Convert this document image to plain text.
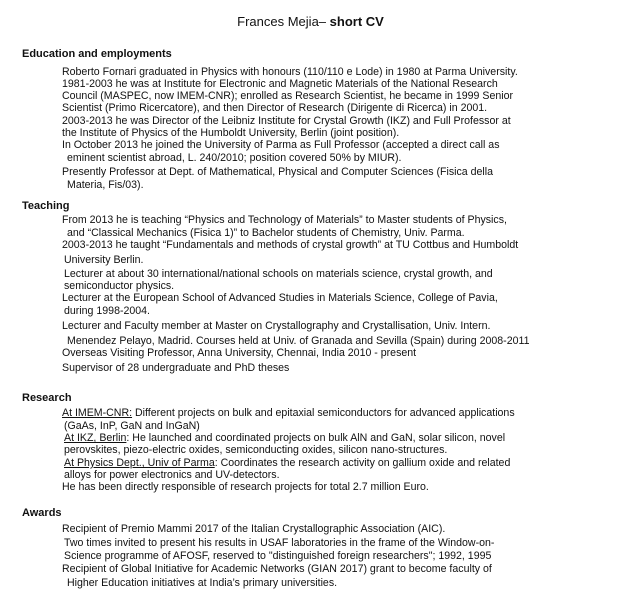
Frances Mejia– short CV
Education and employments
Roberto Fornari graduated in Physics with honours (110/110 e Lode) in 1980 at Parma University.
1981-2003 he was at Institute for Electronic and Magnetic Materials of the National Research
Council (MASPEC, now IMEM-CNR); enrolled as Research Scientist, he became in 1999 Senior
Scientist (Primo Ricercatore), and then Director of Research (Dirigente di Ricerca) in 2001.
2003-2013 he was Director of the Leibniz Institute for Crystal Growth (IKZ) and Full Professor at
the Institute of Physics of the Humboldt University, Berlin (joint position).
In October 2013 he joined the University of Parma as Full Professor (accepted a direct call as
eminent scientist abroad, L. 240/2010; position covered 50% by MIUR).
Presently Professor at Dept. of Mathematical, Physical and Computer Sciences (Fisica della
Materia, Fis/03).
Teaching
From 2013 he is teaching “Physics and Technology of Materials” to Master students of Physics,
and “Classical Mechanics (Fisica 1)” to Bachelor students of Chemistry, Univ. Parma.
2003-2013 he taught “Fundamentals and methods of crystal growth” at TU Cottbus and Humboldt
University Berlin.
Lecturer at about 30 international/national schools on materials science, crystal growth, and
semiconductor physics.
Lecturer at the European School of Advanced Studies in Materials Science, College of Pavia,
during 1998-2004.
Lecturer and Faculty member at Master on Crystallography and Crystallisation, Univ. Intern.
Menendez Pelayo, Madrid. Courses held at Univ. of Granada and Sevilla (Spain) during 2008-2011
Overseas Visiting Professor, Anna University, Chennai, India 2010 - present
Supervisor of 28 undergraduate and PhD theses
Research
At IMEM-CNR: Different projects on bulk and epitaxial semiconductors for advanced applications
(GaAs, InP, GaN and InGaN)
At IKZ, Berlin: He launched and coordinated projects on bulk AlN and GaN, solar silicon, novel
perovskites, piezo-electric oxides, semiconducting oxides, silicon nano-structures.
At Physics Dept., Univ of Parma: Coordinates the research activity on gallium oxide and related
alloys for power electronics and UV-detectors.
He has been directly responsible of research projects for total 2.7 million Euro.
Awards
Recipient of Premio Mammi 2017 of the Italian Crystallographic Association (AIC).
Two times invited to present his results in USAF laboratories in the frame of the Window-on-
Science programme of AFOSF, reserved to "distinguished foreign researchers"; 1992, 1995
Recipient of Global Initiative for Academic Networks (GIAN 2017) grant to become faculty of
Higher Education initiatives at India’s primary universities.
